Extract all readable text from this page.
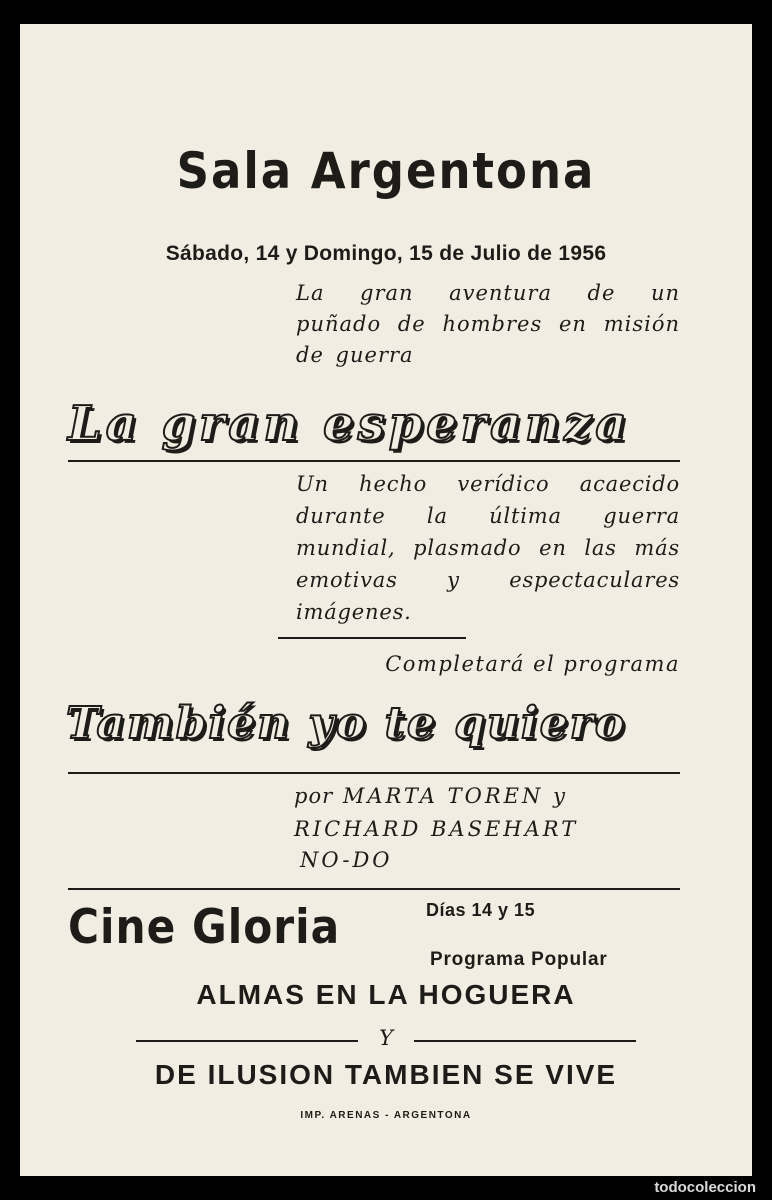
Sala Argentona

Sábado, 14 y Domingo, 15 de Julio de 1956

La gran aventura de un puñado de hombres en misión de guerra

La gran esperanza

Un hecho verídico acaecido durante la última guerra mundial, plasmado en las más emotivas y espectaculares imágenes.

Completará el programa

También yo te quiero
por MARTA TOREN y
RICHARD BASEHART

NO-DO

Cine Gloria	Días 14 y 15

Programa Popular

ALMAS EN LA HOGUERA

Y

DE ILUSION TAMBIEN SE VIVE

IMP. ARENAS - ARGENTONA

todocoleccion
